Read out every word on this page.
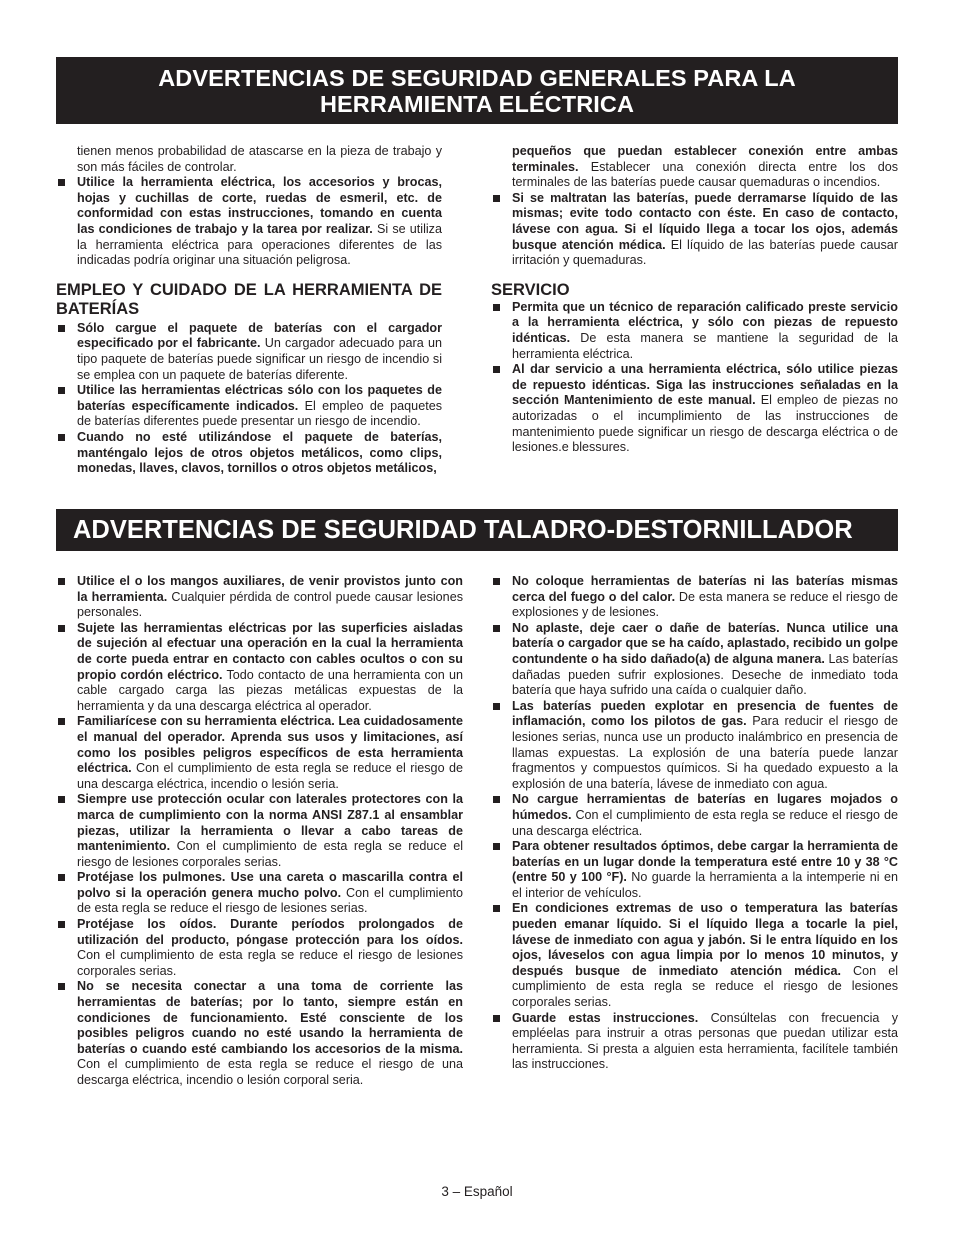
ADVERTENCIAS DE SEGURIDAD GENERALES PARA LA
HERRAMIENTA ELÉCTRICA

tienen menos probabilidad de atascarse en la pieza de trabajo y son más fáciles de controlar.

Utilice la herramienta eléctrica, los accesorios y brocas, hojas y cuchillas de corte, ruedas de esmeril, etc. de conformidad con estas instrucciones, tomando en cuenta las condiciones de trabajo y la tarea por realizar. Si se utiliza la herramienta eléctrica para operaciones diferentes de las indicadas podría originar una situación peligrosa.

EMPLEO Y CUIDADO DE LA HERRAMIENTA DE BATERÍAS

Sólo cargue el paquete de baterías con el cargador especificado por el fabricante. Un cargador adecuado para un tipo paquete de baterías puede significar un riesgo de incendio si se emplea con un paquete de baterías diferente.

Utilice las herramientas eléctricas sólo con los paquetes de baterías específicamente indicados. El empleo de paquetes de baterías diferentes puede presentar un riesgo de incendio.

Cuando no esté utilizándose el paquete de baterías, manténgalo lejos de otros objetos metálicos, como clips, monedas, llaves, clavos, tornillos o otros objetos metálicos,

pequeños que puedan establecer conexión entre ambas terminales. Establecer una conexión directa entre los dos terminales de las baterías puede causar quemaduras o incendios.

Si se maltratan las baterías, puede derramarse líquido de las mismas; evite todo contacto con éste. En caso de contacto, lávese con agua. Si el líquido llega a tocar los ojos, además busque atención médica. El líquido de las baterías puede causar irritación y quemaduras.

SERVICIO

Permita que un técnico de reparación calificado preste servicio a la herramienta eléctrica, y sólo con piezas de repuesto idénticas. De esta manera se mantiene la seguridad de la herramienta eléctrica.

Al dar servicio a una herramienta eléctrica, sólo utilice piezas de repuesto idénticas. Siga las instrucciones señaladas en la sección Mantenimiento de este manual. El empleo de piezas no autorizadas o el incumplimiento de las instrucciones de mantenimiento puede significar un riesgo de descarga eléctrica o de lesiones.e blessures.

ADVERTENCIAS DE SEGURIDAD TALADRO-DESTORNILLADOR

Utilice el o los mangos auxiliares, de venir provistos junto con la herramienta. Cualquier pérdida de control puede causar lesiones personales.

Sujete las herramientas eléctricas por las superficies aisladas de sujeción al efectuar una operación en la cual la herramienta de corte pueda entrar en contacto con cables ocultos o con su propio cordón eléctrico. Todo contacto de una herramienta con un cable cargado carga las piezas metálicas expuestas de la herramienta y da una descarga eléctrica al operador.

Familiarícese con su herramienta eléctrica. Lea cuidadosamente el manual del operador. Aprenda sus usos y limitaciones, así como los posibles peligros específicos de esta herramienta eléctrica. Con el cumplimiento de esta regla se reduce el riesgo de una descarga eléctrica, incendio o lesión seria.

Siempre use protección ocular con laterales protectores con la marca de cumplimiento con la norma ANSI Z87.1 al ensamblar piezas, utilizar la herramienta o llevar a cabo tareas de mantenimiento. Con el cumplimiento de esta regla se reduce el riesgo de lesiones corporales serias.

Protéjase los pulmones. Use una careta o mascarilla contra el polvo si la operación genera mucho polvo. Con el cumplimiento de esta regla se reduce el riesgo de lesiones serias.

Protéjase los oídos. Durante períodos prolongados de utilización del producto, póngase protección para los oídos. Con el cumplimiento de esta regla se reduce el riesgo de lesiones corporales serias.

No se necesita conectar a una toma de corriente las herramientas de baterías; por lo tanto, siempre están en condiciones de funcionamiento. Esté consciente de los posibles peligros cuando no esté usando la herramienta de baterías o cuando esté cambiando los accesorios de la misma. Con el cumplimiento de esta regla se reduce el riesgo de una descarga eléctrica, incendio o lesión corporal seria.

No coloque herramientas de baterías ni las baterías mismas cerca del fuego o del calor. De esta manera se reduce el riesgo de explosiones y de lesiones.

No aplaste, deje caer o dañe de baterías. Nunca utilice una batería o cargador que se ha caído, aplastado, recibido un golpe contundente o ha sido dañado(a) de alguna manera. Las baterías dañadas pueden sufrir explosiones. Deseche de inmediato toda batería que haya sufrido una caída o cualquier daño.

Las baterías pueden explotar en presencia de fuentes de inflamación, como los pilotos de gas. Para reducir el riesgo de lesiones serias, nunca use un producto inalámbrico en presencia de llamas expuestas. La explosión de una batería puede lanzar fragmentos y compuestos químicos. Si ha quedado expuesto a la explosión de una batería, lávese de inmediato con agua.

No cargue herramientas de baterías en lugares mojados o húmedos. Con el cumplimiento de esta regla se reduce el riesgo de una descarga eléctrica.

Para obtener resultados óptimos, debe cargar la herramienta de baterías en un lugar donde la temperatura esté entre 10 y 38 °C (entre 50 y 100 °F). No guarde la herramienta a la intemperie ni en el interior de vehículos.

En condiciones extremas de uso o temperatura las baterías pueden emanar líquido. Si el líquido llega a tocarle la piel, lávese de inmediato con agua y jabón. Si le entra líquido en los ojos, láveselos con agua limpia por lo menos 10 minutos, y después busque de inmediato atención médica. Con el cumplimiento de esta regla se reduce el riesgo de lesiones corporales serias.

Guarde estas instrucciones. Consúltelas con frecuencia y empléelas para instruir a otras personas que puedan utilizar esta herramienta. Si presta a alguien esta herramienta, facilítele también las instrucciones.

3 – Español
